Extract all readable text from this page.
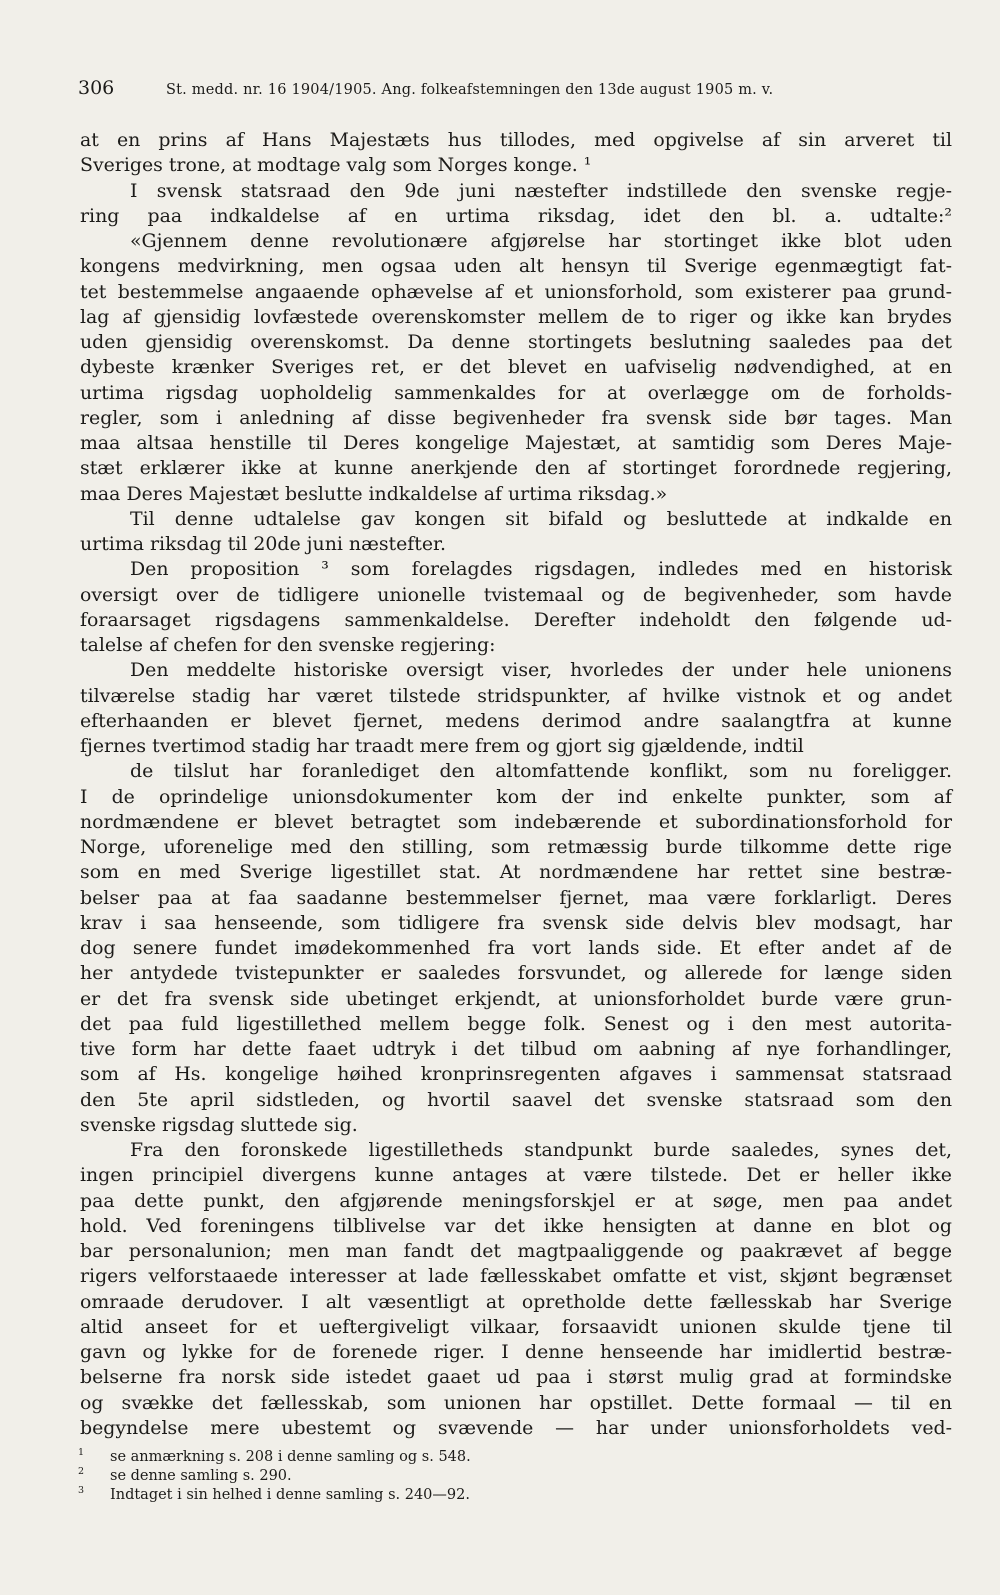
306	St. medd. nr. 16 1904/1905. Ang. folkeafstemningen den 13de august 1905 m. v.
at en prins af Hans Majestæts hus tillodes, med opgivelse af sin arveret til
Sveriges trone, at modtage valg som Norges konge. ¹
I svensk statsraad den 9de juni næstefter indstillede den svenske regje-
ring paa indkaldelse af en urtima riksdag, idet den bl. a. udtalte:²
«Gjennem denne revolutionære afgjørelse har stortinget ikke blot uden
kongens medvirkning, men ogsaa uden alt hensyn til Sverige egenmægtigt fat-
tet bestemmelse angaaende ophævelse af et unionsforhold, som existerer paa grund-
lag af gjensidig lovfæstede overenskomster mellem de to riger og ikke kan brydes
uden gjensidig overenskomst. Da denne stortingets beslutning saaledes paa det
dybeste krænker Sveriges ret, er det blevet en uafviselig nødvendighed, at en
urtima rigsdag uopholdelig sammenkaldes for at overlægge om de forholds-
regler, som i anledning af disse begivenheder fra svensk side bør tages. Man
maa altsaa henstille til Deres kongelige Majestæt, at samtidig som Deres Maje-
stæt erklærer ikke at kunne anerkjende den af stortinget forordnede regjering,
maa Deres Majestæt beslutte indkaldelse af urtima riksdag.»
Til denne udtalelse gav kongen sit bifald og besluttede at indkalde en
urtima riksdag til 20de juni næstefter.
Den proposition ³ som forelagdes rigsdagen, indledes med en historisk
oversigt over de tidligere unionelle tvistemaal og de begivenheder, som havde
foraarsaget rigsdagens sammenkaldelse. Derefter indeholdt den følgende ud-
talelse af chefen for den svenske regjering:
Den meddelte historiske oversigt viser, hvorledes der under hele unionens
tilværelse stadig har været tilstede stridspunkter, af hvilke vistnok et og andet
efterhaanden er blevet fjernet, medens derimod andre saalangtfra at kunne
fjernes tvertimod stadig har traadt mere frem og gjort sig gjældende, indtil
de tilslut har foranlediget den altomfattende konflikt, som nu foreligger.
I de oprindelige unionsdokumenter kom der ind enkelte punkter, som af
nordmændene er blevet betragtet som indebærende et subordinationsforhold for
Norge, uforenelige med den stilling, som retmæssig burde tilkomme dette rige
som en med Sverige ligestillet stat. At nordmændene har rettet sine bestræ-
belser paa at faa saadanne bestemmelser fjernet, maa være forklarligt. Deres
krav i saa henseende, som tidligere fra svensk side delvis blev modsagt, har
dog senere fundet imødekommenhed fra vort lands side. Et efter andet af de
her antydede tvistepunkter er saaledes forsvundet, og allerede for længe siden
er det fra svensk side ubetinget erkjendt, at unionsforholdet burde være grun-
det paa fuld ligestillethed mellem begge folk. Senest og i den mest autorita-
tive form har dette faaet udtryk i det tilbud om aabning af nye forhandlinger,
som af Hs. kongelige høihed kronprinsregenten afgaves i sammensat statsraad
den 5te april sidstleden, og hvortil saavel det svenske statsraad som den
svenske rigsdag sluttede sig.
Fra den foronskede ligestilletheds standpunkt burde saaledes, synes det,
ingen principiel divergens kunne antages at være tilstede. Det er heller ikke
paa dette punkt, den afgjørende meningsforskjel er at søge, men paa andet
hold. Ved foreningens tilblivelse var det ikke hensigten at danne en blot og
bar personalunion; men man fandt det magtpaaliggende og paakrævet af begge
rigers velforstaaede interesser at lade fællesskabet omfatte et vist, skjønt begrænset
omraade derudover. I alt væsentligt at opretholde dette fællesskab har Sverige
altid anseet for et ueftergiveligt vilkaar, forsaavidt unionen skulde tjene til
gavn og lykke for de forenede riger. I denne henseende har imidlertid bestræ-
belserne fra norsk side istedet gaaet ud paa i størst mulig grad at formindske
og svække det fællesskab, som unionen har opstillet. Dette formaal — til en
begyndelse mere ubestemt og svævende — har under unionsforholdets ved-
1 se anmærkning s. 208 i denne samling og s. 548.
2 se denne samling s. 290.
3 Indtaget i sin helhed i denne samling s. 240—92.
